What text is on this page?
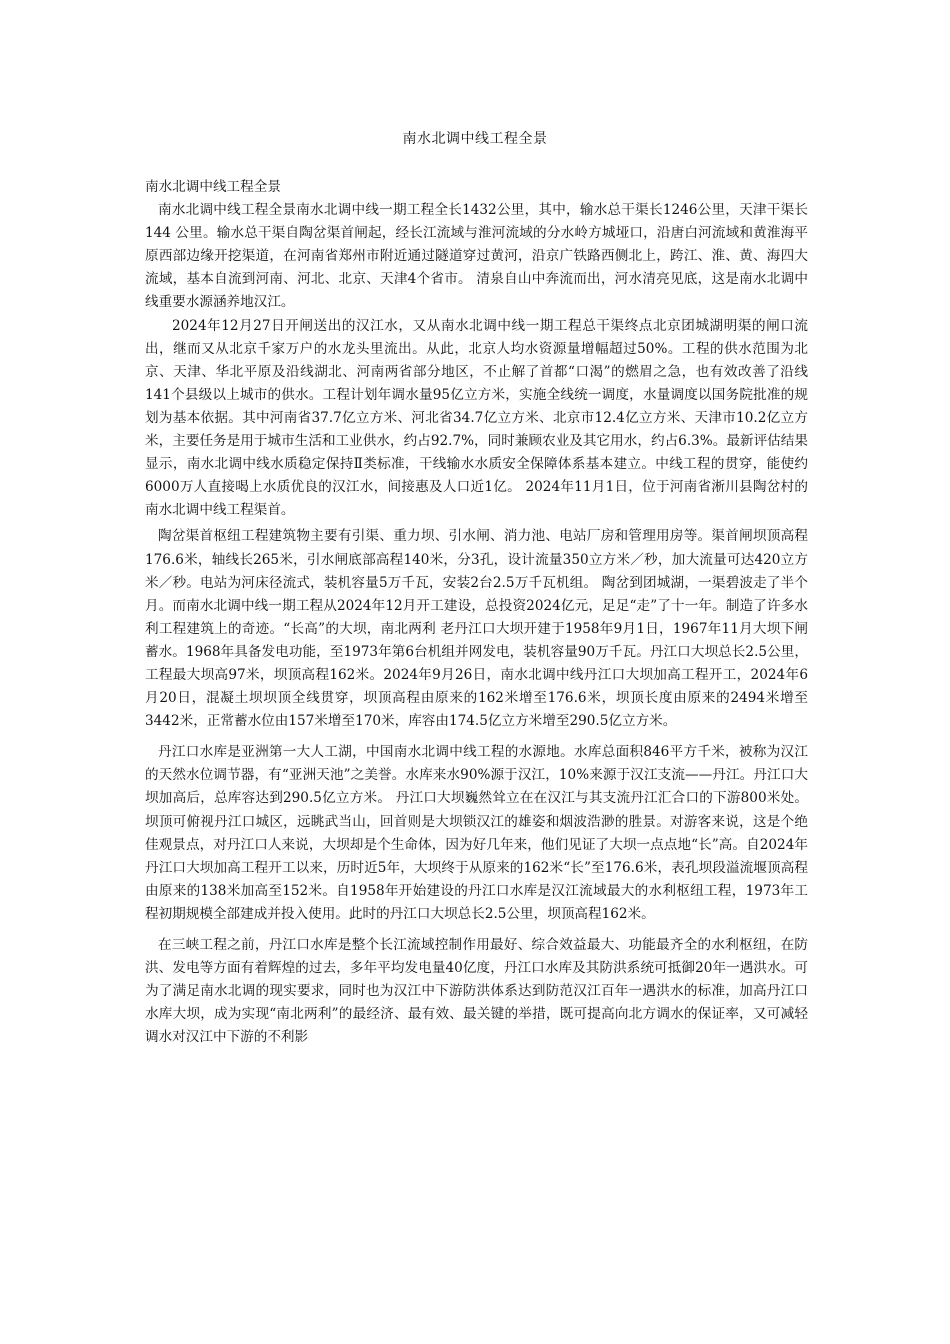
南水北调中线工程全景

南水北调中线工程全景

南水北调中线工程全景南水北调中线一期工程全长1432公里，其中，输水总干渠长1246公里，天津干渠长144 公里。输水总干渠自陶岔渠首闸起，经长江流域与淮河流域的分水岭方城垭口，沿唐白河流域和黄淮海平原西部边缘开挖渠道，在河南省郑州市附近通过隧道穿过黄河，沿京广铁路西侧北上，跨江、淮、黄、海四大流域，基本自流到河南、河北、北京、天津4个省市。 清泉自山中奔流而出，河水清亮见底，这是南水北调中线重要水源涵养地汉江。

2024年12月27日开闸送出的汉江水，又从南水北调中线一期工程总干渠终点北京团城湖明渠的闸口流出，继而又从北京千家万户的水龙头里流出。从此，北京人均水资源量增幅超过50%。工程的供水范围为北京、天津、华北平原及沿线湖北、河南两省部分地区，不止解了首都“口渴”的燃眉之急，也有效改善了沿线141个县级以上城市的供水。工程计划年调水量95亿立方米，实施全线统一调度，水量调度以国务院批准的规划为基本依据。其中河南省37.7亿立方米、河北省34.7亿立方米、北京市12.4亿立方米、天津市10.2亿立方米，主要任务是用于城市生活和工业供水，约占92.7%，同时兼顾农业及其它用水，约占6.3%。最新评估结果显示，南水北调中线水质稳定保持Ⅱ类标准，干线输水水质安全保障体系基本建立。中线工程的贯穿，能使约6000万人直接喝上水质优良的汉江水，间接惠及人口近1亿。 2024年11月1日，位于河南省淅川县陶岔村的南水北调中线工程渠首。

陶岔渠首枢纽工程建筑物主要有引渠、重力坝、引水闸、消力池、电站厂房和管理用房等。渠首闸坝顶高程176.6米，轴线长265米，引水闸底部高程140米，分3孔，设计流量350立方米／秒，加大流量可达420立方米／秒。电站为河床径流式，装机容量5万千瓦，安装2台2.5万千瓦机组。 陶岔到团城湖，一渠碧波走了半个月。而南水北调中线一期工程从2024年12月开工建设，总投资2024亿元，足足“走”了十一年。制造了许多水利工程建筑上的奇迹。“长高”的大坝，南北两利 老丹江口大坝开建于1958年9月1日，1967年11月大坝下闸蓄水。1968年具备发电功能，至1973年第6台机组并网发电，装机容量90万千瓦。丹江口大坝总长2.5公里，工程最大坝高97米，坝顶高程162米。2024年9月26日，南水北调中线丹江口大坝加高工程开工，2024年6月20日，混凝土坝坝顶全线贯穿，坝顶高程由原来的162米增至176.6米，坝顶长度由原来的2494米增至3442米，正常蓄水位由157米增至170米，库容由174.5亿立方米增至290.5亿立方米。

丹江口水库是亚洲第一大人工湖，中国南水北调中线工程的水源地。水库总面积846平方千米，被称为汉江的天然水位调节器，有“亚洲天池”之美誉。水库来水90%源于汉江，10%来源于汉江支流——丹江。丹江口大坝加高后，总库容达到290.5亿立方米。 丹江口大坝巍然耸立在在汉江与其支流丹江汇合口的下游800米处。坝顶可俯视丹江口城区，远眺武当山，回首则是大坝锁汉江的雄姿和烟波浩渺的胜景。对游客来说，这是个绝佳观景点，对丹江口人来说，大坝却是个生命体，因为好几年来，他们见证了大坝一点点地“长”高。自2024年丹江口大坝加高工程开工以来，历时近5年，大坝终于从原来的162米“长”至176.6米，表孔坝段溢流堰顶高程由原来的138米加高至152米。自1958年开始建设的丹江口水库是汉江流域最大的水利枢纽工程，1973年工程初期规模全部建成并投入使用。此时的丹江口大坝总长2.5公里，坝顶高程162米。

在三峡工程之前，丹江口水库是整个长江流域控制作用最好、综合效益最大、功能最齐全的水利枢纽，在防洪、发电等方面有着辉煌的过去，多年平均发电量40亿度，丹江口水库及其防洪系统可抵御20年一遇洪水。可为了满足南水北调的现实要求，同时也为汉江中下游防洪体系达到防范汉江百年一遇洪水的标准，加高丹江口水库大坝，成为实现“南北两利”的最经济、最有效、最关键的举措，既可提高向北方调水的保证率，又可减轻调水对汉江中下游的不利影
